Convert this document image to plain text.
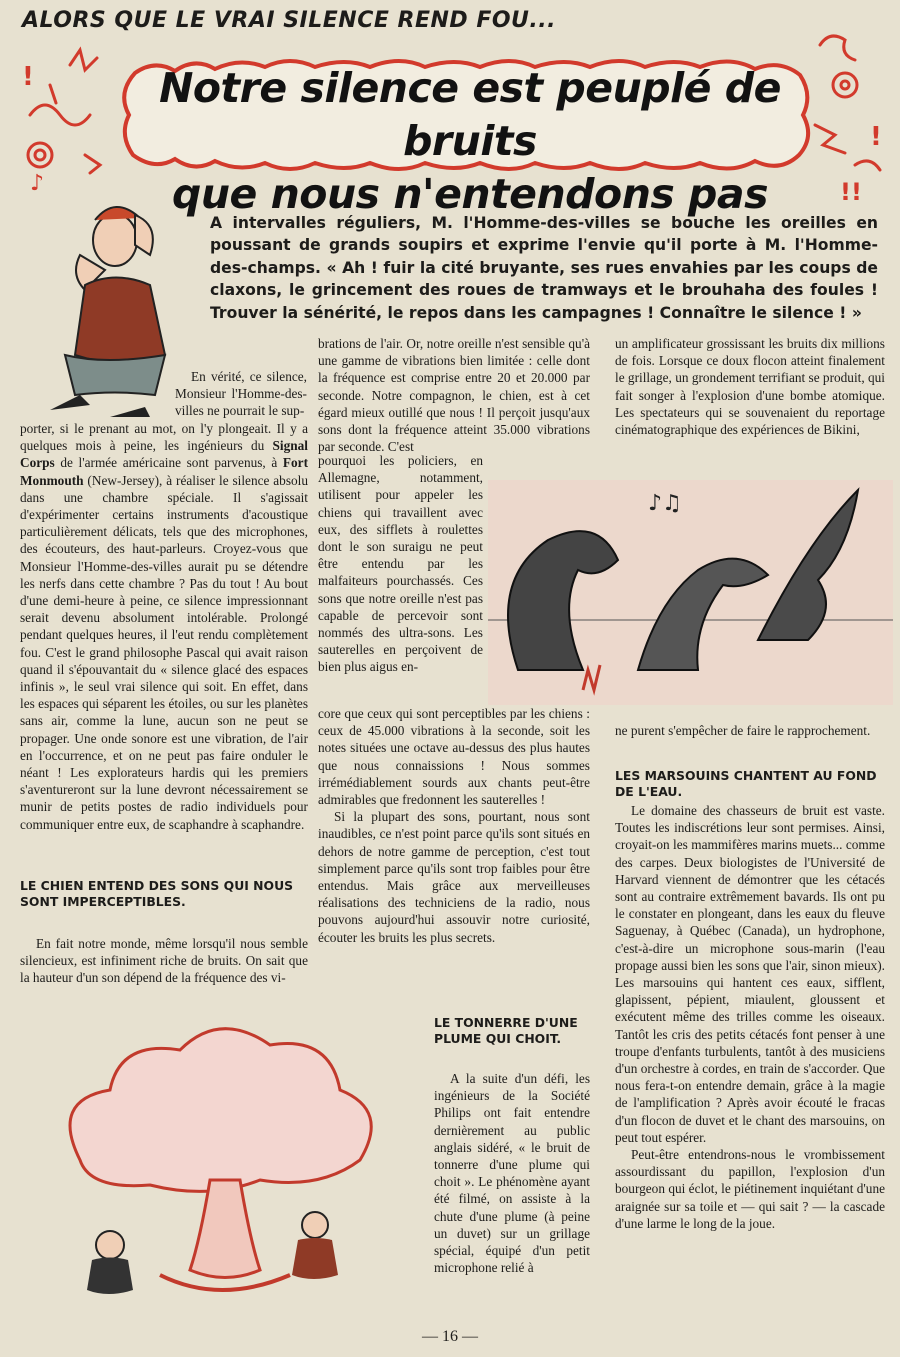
ALORS QUE LE VRAI SILENCE REND FOU...
!
♪
!
!!
Notre silence est peuplé de bruits
que nous n'entendons pas
A intervalles réguliers, M. l'Homme-des-villes se bouche les oreilles en poussant de grands soupirs et exprime l'envie qu'il porte à M. l'Homme-des-champs. « Ah ! fuir la cité bruyante, ses rues envahies par les coups de claxons, le grincement des roues de tramways et le brouhaha des foules ! Trouver la sénérité, le repos dans les campagnes ! Connaître le silence ! »
En vérité, ce silence, Monsieur l'Homme-des-villes ne pourrait le sup-
porter, si le prenant au mot, on l'y plongeait. Il y a quelques mois à peine, les ingénieurs du Signal Corps de l'armée américaine sont parvenus, à Fort Monmouth (New-Jersey), à réaliser le silence absolu dans une chambre spéciale. Il s'agissait d'expérimenter certains instruments d'acoustique particulièrement délicats, tels que des microphones, des écouteurs, des haut-parleurs. Croyez-vous que Monsieur l'Homme-des-villes aurait pu se détendre les nerfs dans cette chambre ? Pas du tout ! Au bout d'une demi-heure à peine, ce silence impressionnant serait devenu absolument intolérable. Prolongé pendant quelques heures, il l'eut rendu complètement fou. C'est le grand philosophe Pascal qui avait raison quand il s'épouvantait du « silence glacé des espaces infinis », le seul vrai silence qui soit. En effet, dans les espaces qui séparent les étoiles, ou sur les planètes sans air, comme la lune, aucun son ne peut se propager. Une onde sonore est une vibration, de l'air en l'occurrence, et on ne peut pas faire onduler le néant ! Les explorateurs hardis qui les premiers s'aventureront sur la lune devront nécessairement se munir de petits postes de radio individuels pour communiquer entre eux, de scaphandre à scaphandre.
LE CHIEN ENTEND DES SONS QUI NOUS SONT IMPERCEPTIBLES.
En fait notre monde, même lorsqu'il nous semble silencieux, est infiniment riche de bruits. On sait que la hauteur d'un son dépend de la fréquence des vi-
brations de l'air. Or, notre oreille n'est sensible qu'à une gamme de vibrations bien limitée : celle dont la fréquence est comprise entre 20 et 20.000 par seconde. Notre compagnon, le chien, est à cet égard mieux outillé que nous ! Il perçoit jusqu'aux sons dont la fréquence atteint 35.000 vibrations par seconde. C'est
pourquoi les policiers, en Allemagne, notamment, utilisent pour appeler les chiens qui travaillent avec eux, des sifflets à roulettes dont le son suraigu ne peut être entendu par les malfaiteurs pourchassés. Ces sons que notre oreille n'est pas capable de percevoir sont nommés des ultra-sons. Les sauterelles en perçoivent de bien plus aigus en-

core que ceux qui sont perceptibles par les chiens : ceux de 45.000 vibrations à la seconde, soit les notes situées une octave au-dessus des plus hautes que nous connaissions ! Nous sommes irrémédiablement sourds aux chants peut-être admirables que fredonnent les sauterelles !

Si la plupart des sons, pourtant, nous sont inaudibles, ce n'est point parce qu'ils sont situés en dehors de notre gamme de perception, c'est tout simplement parce qu'ils sont trop faibles pour être entendus. Mais grâce aux merveilleuses réalisations des techniciens de la radio, nous pouvons aujourd'hui assouvir notre curiosité, écouter les bruits les plus secrets.

LE TONNERRE D'UNE PLUME QUI CHOIT.
A la suite d'un défi, les ingénieurs de la Société Philips ont fait entendre dernièrement au public anglais sidéré, « le bruit de tonnerre d'une plume qui choit ». Le phénomène ayant été filmé, on assiste à la chute d'une plume (à peine un duvet) sur un grillage spécial, équipé d'un petit microphone relié à
♪♫
un amplificateur grossissant les bruits dix millions de fois. Lorsque ce doux flocon atteint finalement le grillage, un grondement terrifiant se produit, qui fait songer à l'explosion d'une bombe atomique. Les spectateurs qui se souvenaient du reportage cinématographique des expériences de Bikini,
ne purent s'empêcher de faire le rapprochement.
LES MARSOUINS CHANTENT AU FOND DE L'EAU.

Le domaine des chasseurs de bruit est vaste. Toutes les indiscrétions leur sont permises. Ainsi, croyait-on les mammifères marins muets... comme des carpes. Deux biologistes de l'Université de Harvard viennent de démontrer que les cétacés sont au contraire extrêmement bavards. Ils ont pu le constater en plongeant, dans les eaux du fleuve Saguenay, à Québec (Canada), un hydrophone, c'est-à-dire un microphone sous-marin (l'eau propage aussi bien les sons que l'air, sinon mieux). Les marsouins qui hantent ces eaux, sifflent, glapissent, pépient, miaulent, gloussent et exécutent même des trilles comme les oiseaux. Tantôt les cris des petits cétacés font penser à une troupe d'enfants turbulents, tantôt à des musiciens d'un orchestre à cordes, en train de s'accorder. Que nous fera-t-on entendre demain, grâce à la magie de l'amplification ? Après avoir écouté le fracas d'un flocon de duvet et le chant des marsouins, on peut tout espérer.

Peut-être entendrons-nous le vrombissement assourdissant du papillon, l'explosion d'un bourgeon qui éclot, le piétinement inquiétant d'une araignée sur sa toile et — qui sait ? — la cascade d'une larme le long de la joue.

— 16 —
